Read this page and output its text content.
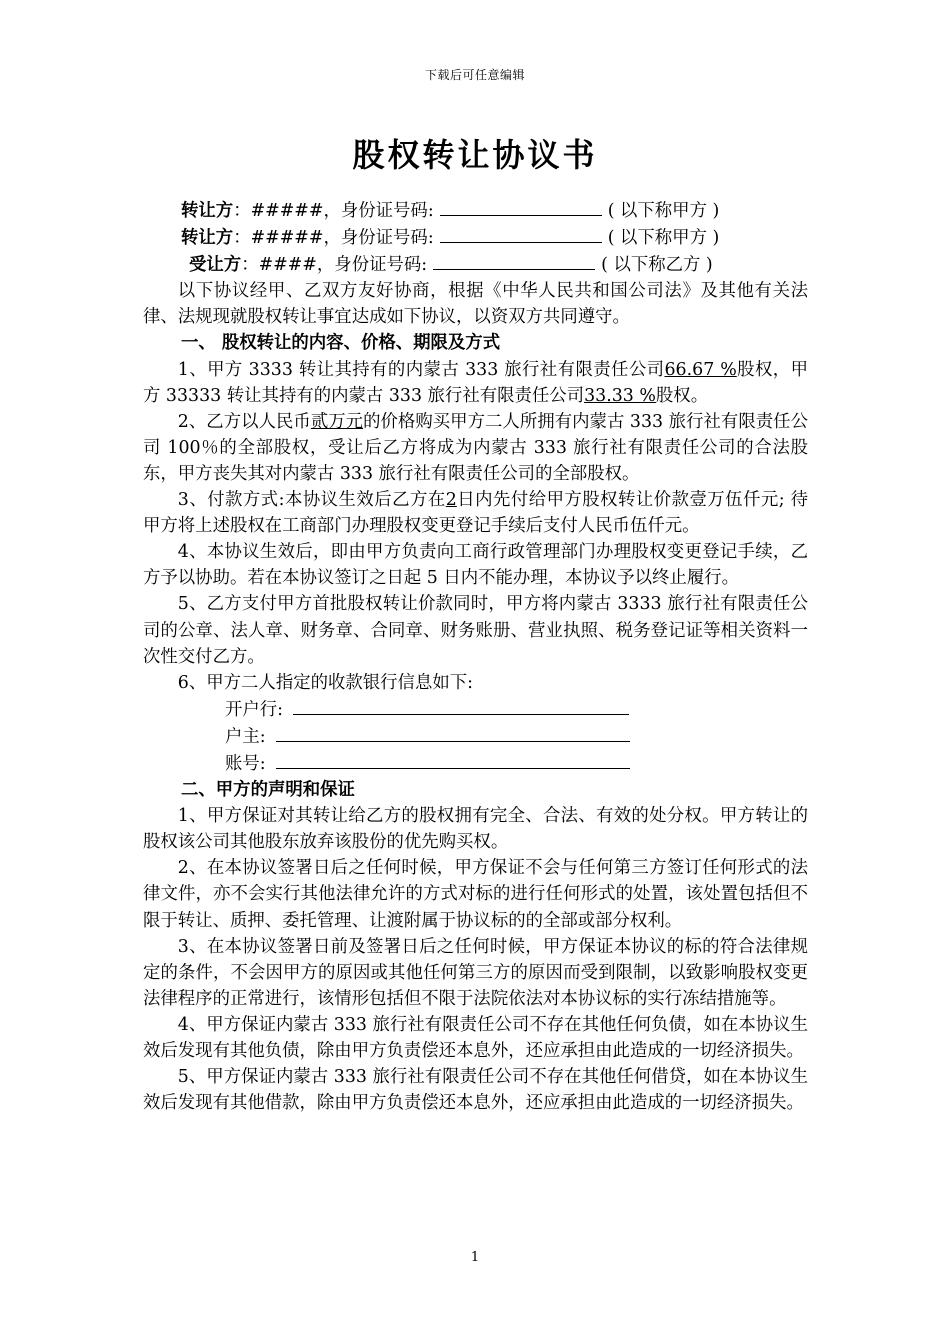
下载后可任意编辑
股权转让协议书
转让方：#####，身份证号码:	( 以下称甲方 )
转让方：#####，身份证号码:	( 以下称甲方 )
受让方：####，身份证号码:	( 以下称乙方 )

以下协议经甲、乙双方友好协商，根据《中华人民共和国公司法》及其他有关法律、法规现就股权转让事宜达成如下协议，以资双方共同遵守。

一、 股权转让的内容、价格、期限及方式

1、甲方 3333 转让其持有的内蒙古 333 旅行社有限责任公司66.67 %股权，甲方 33333 转让其持有的内蒙古 333 旅行社有限责任公司33.33 %股权。

2、乙方以人民币贰万元的价格购买甲方二人所拥有内蒙古 333 旅行社有限责任公司 100％的全部股权，受让后乙方将成为内蒙古 333 旅行社有限责任公司的合法股东，甲方丧失其对内蒙古 333 旅行社有限责任公司的全部股权。

3、付款方式:本协议生效后乙方在2日内先付给甲方股权转让价款壹万伍仟元; 待甲方将上述股权在工商部门办理股权变更登记手续后支付人民币伍仟元。

4、本协议生效后，即由甲方负责向工商行政管理部门办理股权变更登记手续，乙方予以协助。若在本协议签订之日起 5 日内不能办理，本协议予以终止履行。

5、乙方支付甲方首批股权转让价款同时，甲方将内蒙古 3333 旅行社有限责任公司的公章、法人章、财务章、合同章、财务账册、营业执照、税务登记证等相关资料一次性交付乙方。

6、甲方二人指定的收款银行信息如下:

开户行:
户主:
账号:

二、甲方的声明和保证

1、甲方保证对其转让给乙方的股权拥有完全、合法、有效的处分权。甲方转让的股权该公司其他股东放弃该股份的优先购买权。

2、在本协议签署日后之任何时候，甲方保证不会与任何第三方签订任何形式的法律文件，亦不会实行其他法律允许的方式对标的进行任何形式的处置，该处置包括但不限于转让、质押、委托管理、让渡附属于协议标的的全部或部分权利。

3、在本协议签署日前及签署日后之任何时候，甲方保证本协议的标的符合法律规定的条件，不会因甲方的原因或其他任何第三方的原因而受到限制，以致影响股权变更法律程序的正常进行，该情形包括但不限于法院依法对本协议标的实行冻结措施等。

4、甲方保证内蒙古 333 旅行社有限责任公司不存在其他任何负债，如在本协议生效后发现有其他负债，除由甲方负责偿还本息外，还应承担由此造成的一切经济损失。

5、甲方保证内蒙古 333 旅行社有限责任公司不存在其他任何借贷，如在本协议生效后发现有其他借款，除由甲方负责偿还本息外，还应承担由此造成的一切经济损失。

1
